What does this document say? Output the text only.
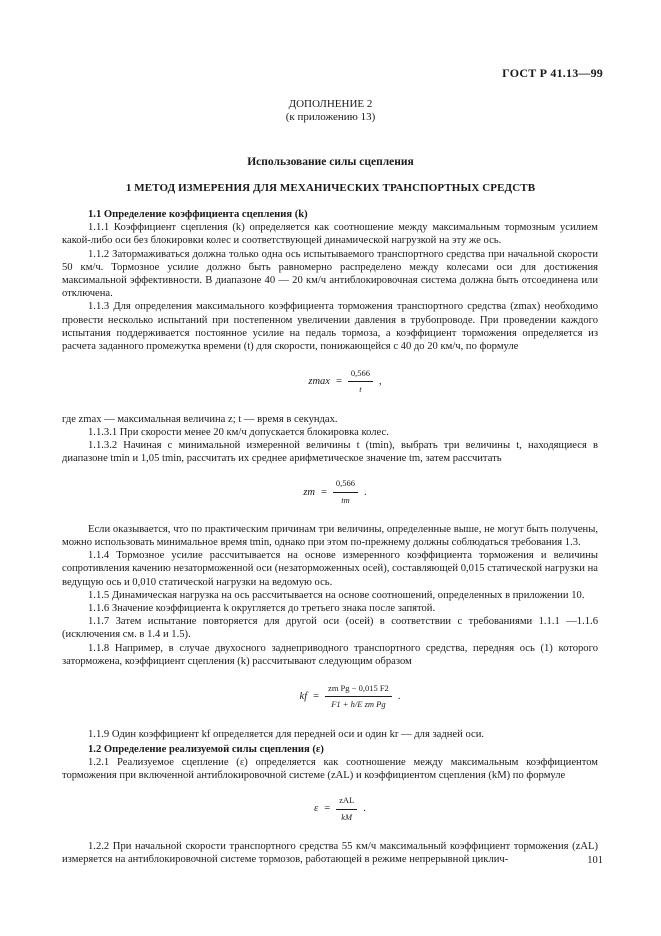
ГОСТ Р 41.13—99
ДОПОЛНЕНИЕ 2
(к приложению 13)
Использование силы сцепления
1 МЕТОД ИЗМЕРЕНИЯ ДЛЯ МЕХАНИЧЕСКИХ ТРАНСПОРТНЫХ СРЕДСТВ

1.1 Определение коэффициента сцепления (k)

1.1.1 Коэффициент сцепления (k) определяется как соотношение между максимальным тормозным усилием какой-либо оси без блокировки колес и соответствующей динамической нагрузкой на эту же ось.

1.1.2 Затормаживаться должна только одна ось испытываемого транспортного средства при начальной скорости 50 км/ч. Тормозное усилие должно быть равномерно распределено между колесами оси для достижения максимальной эффективности. В диапазоне 40 — 20 км/ч антиблокировочная система должна быть отсоединена или отключена.

1.1.3 Для определения максимального коэффициента торможения транспортного средства (zmax) необходимо провести несколько испытаний при постепенном увеличении давления в трубопроводе. При проведении каждого испытания поддерживается постоянное усилие на педаль тормоза, а коэффициент торможения определяется из расчета заданного промежутка времени (t) для скорости, понижающейся с 40 до 20 км/ч, по формуле

$zmax = \frac{0,566}{t}$ ,

где zmax — максимальная величина z; t — время в секундах.

1.1.3.1 При скорости менее 20 км/ч допускается блокировка колес.

1.1.3.2 Начиная с минимальной измеренной величины t (tmin), выбрать три величины t, находящиеся в диапазоне tmin и 1,05 tmin, рассчитать их среднее арифметическое значение tm, затем рассчитать

zm = $\frac{0,566}{tm}$ .

Если оказывается, что по практическим причинам три величины, определенные выше, не могут быть получены, можно использовать минимальное время tmin, однако при этом по-прежнему должны соблюдаться требования 1.3.

1.1.4 Тормозное усилие рассчитывается на основе измеренного коэффициента торможения и величины сопротивления качению незаторможенной оси (незаторможенных осей), составляющей 0,015 статической нагрузки на ведущую ось и 0,010 статической нагрузки на ведомую ось.

1.1.5 Динамическая нагрузка на ось рассчитывается на основе соотношений, определенных в приложении 10.

1.1.6 Значение коэффициента k округляется до третьего знака после запятой.

1.1.7 Затем испытание повторяется для другой оси (осей) в соответствии с требованиями 1.1.1 —1.1.6 (исключения см. в 1.4 и 1.5).

1.1.8 Например, в случае двухосного заднеприводного транспортного средства, передняя ось (1) которого заторможена, коэффициент сцепления (k) рассчитывают следующим образом

kf = $\frac{\text{zm Pg − 0,015 F2}}{\text{F1 + h/E zm Pg}}$ .

1.1.9 Один коэффициент kf определяется для передней оси и один kr — для задней оси.

1.2 Определение реализуемой силы сцепления (ε)

1.2.1 Реализуемое сцепление (ε) определяется как соотношение между максимальным коэффициентом торможения при включенной антиблокировочной системе (zAL) и коэффициентом сцепления (kM) по формуле

$\varepsilon = \frac{\text{zAL}}{kM}$ .

1.2.2 При начальной скорости транспортного средства 55 км/ч максимальный коэффициент торможения (zAL) измеряется на антиблокировочной системе тормозов, работающей в режиме непрерывной циклич-	101
